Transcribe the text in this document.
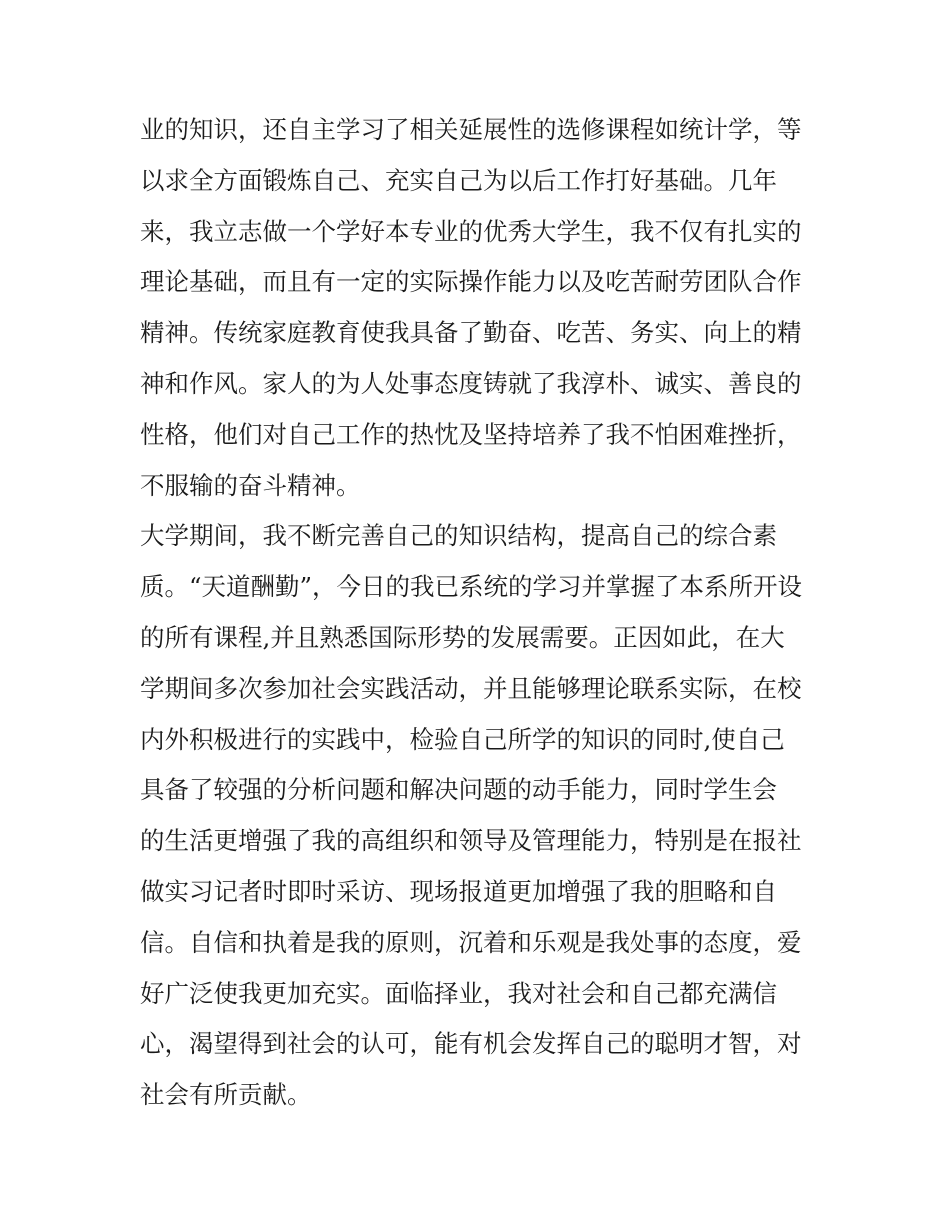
业的知识，还自主学习了相关延展性的选修课程如统计学，等
以求全方面锻炼自己、充实自己为以后工作打好基础。几年
来，我立志做一个学好本专业的优秀大学生，我不仅有扎实的
理论基础，而且有一定的实际操作能力以及吃苦耐劳团队合作
精神。传统家庭教育使我具备了勤奋、吃苦、务实、向上的精
神和作风。家人的为人处事态度铸就了我淳朴、诚实、善良的
性格，他们对自己工作的热忱及坚持培养了我不怕困难挫折，
不服输的奋斗精神。
大学期间，我不断完善自己的知识结构，提高自己的综合素
质。“天道酬勤”，今日的我已系统的学习并掌握了本系所开设
的所有课程,并且熟悉国际形势的发展需要。正因如此，在大
学期间多次参加社会实践活动，并且能够理论联系实际，在校
内外积极进行的实践中，检验自己所学的知识的同时,使自己
具备了较强的分析问题和解决问题的动手能力，同时学生会
的生活更增强了我的高组织和领导及管理能力，特别是在报社
做实习记者时即时采访、现场报道更加增强了我的胆略和自
信。自信和执着是我的原则，沉着和乐观是我处事的态度，爱
好广泛使我更加充实。面临择业，我对社会和自己都充满信
心，渴望得到社会的认可，能有机会发挥自己的聪明才智，对
社会有所贡献。
